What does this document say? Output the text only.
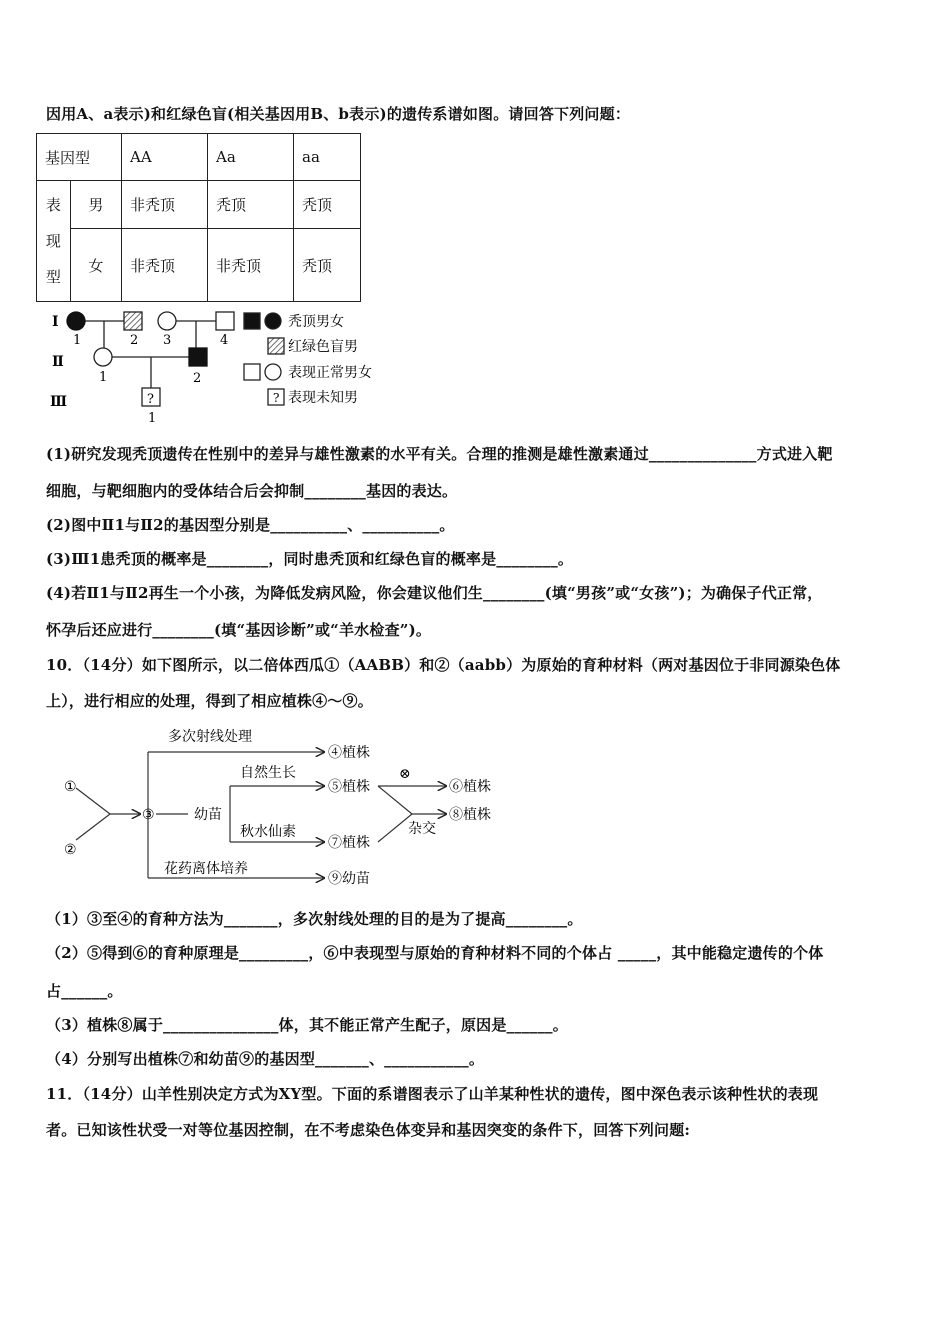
因用A、a表示)和红绿色盲(相关基因用B、b表示)的遗传系谱如图。请回答下列问题：
基因型		AA	Aa	aa
表
现
型	男	非秃顶	秃顶	秃顶
	女	非秃顶	非秃顶	秃顶
Ⅰ
Ⅱ
Ⅲ	?
1	2 3	4
1	2
1
?
秃顶男女
红绿色盲男
表现正常男女
表现未知男
(1)研究发现秃顶遗传在性别中的差异与雄性激素的水平有关。合理的推测是雄性激素通过______________方式进入靶
细胞，与靶细胞内的受体结合后会抑制________基因的表达。
(2)图中Ⅱ1与Ⅱ2的基因型分别是__________、__________。
(3)Ⅲ1患秃顶的概率是________，同时患秃顶和红绿色盲的概率是________。
(4)若Ⅱ1与Ⅱ2再生一个小孩，为降低发病风险，你会建议他们生________(填“男孩”或“女孩”)；为确保子代正常，
怀孕后还应进行________(填“基因诊断”或“羊水检查”)。
10．（14分）如下图所示，以二倍体西瓜①（AABB）和②（aabb）为原始的育种材料（两对基因位于非同源染色体
上），进行相应的处理，得到了相应植株④～⑨。
①
②
③	幼苗
多次射线处理
④植株
自然生长
⑤植株
⊗
⑥植株
⑧植株
杂交
秋水仙素
⑦植株
花药离体培养
⑨幼苗
（1）③至④的育种方法为_______，多次射线处理的目的是为了提高________。
（2）⑤得到⑥的育种原理是_________，⑥中表现型与原始的育种材料不同的个体占 _____，其中能稳定遗传的个体
占______。
（3）植株⑧属于_______________体，其不能正常产生配子，原因是______。
（4）分别写出植株⑦和幼苗⑨的基因型_______、___________。
11．（14分）山羊性别决定方式为XY型。下面的系谱图表示了山羊某种性状的遗传，图中深色表示该种性状的表现
者。已知该性状受一对等位基因控制，在不考虑染色体变异和基因突变的条件下，回答下列问题:
